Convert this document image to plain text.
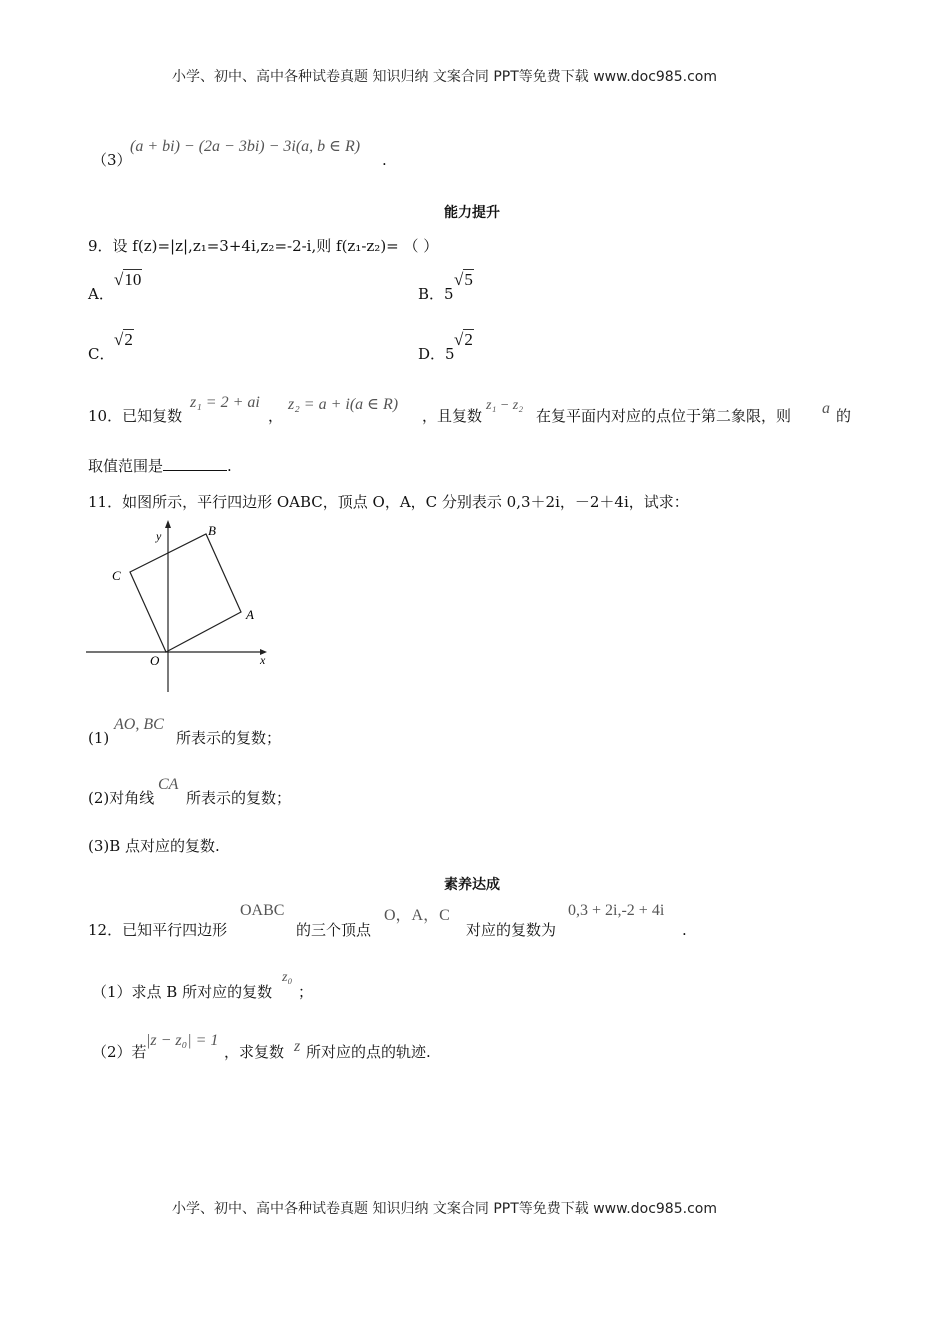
小学、初中、高中各种试卷真题 知识归纳 文案合同 PPT等免费下载 www.doc985.com
（3）
(a + bi) − (2a − 3bi) − 3i(a, b ∈ R)
.
能力提升
9．设 f(z)=|z|,z₁=3+4i,z₂=-2-i,则 f(z₁-z₂)= （ ）
A．
√10
B．5
√5
C．
√2
D．5
√2
10．已知复数
z₁ = 2 + ai
，
z₂ = a + i(a ∈ R)
，且复数
z₁ − z₂
在复平面内对应的点位于第二象限，则 a 的
取值范围是	.
11．如图所示，平行四边形 OABC，顶点 O，A，C 分别表示 0,3＋2i，－2＋4i，试求：
y
x
O
A
B
C
(1)
AO, BC
所表示的复数；
(2)对角线
CA
所表示的复数；
(3)B 点对应的复数.
素养达成
12．已知平行四边形
OABC
的三个顶点
O，A，C
对应的复数为
0,3 + 2i,-2 + 4i
.
（1）求点 B 所对应的复数
z₀
；
（2）若
|z − z₀| = 1
，求复数 z 所对应的点的轨迹.
小学、初中、高中各种试卷真题 知识归纳 文案合同 PPT等免费下载 www.doc985.com
